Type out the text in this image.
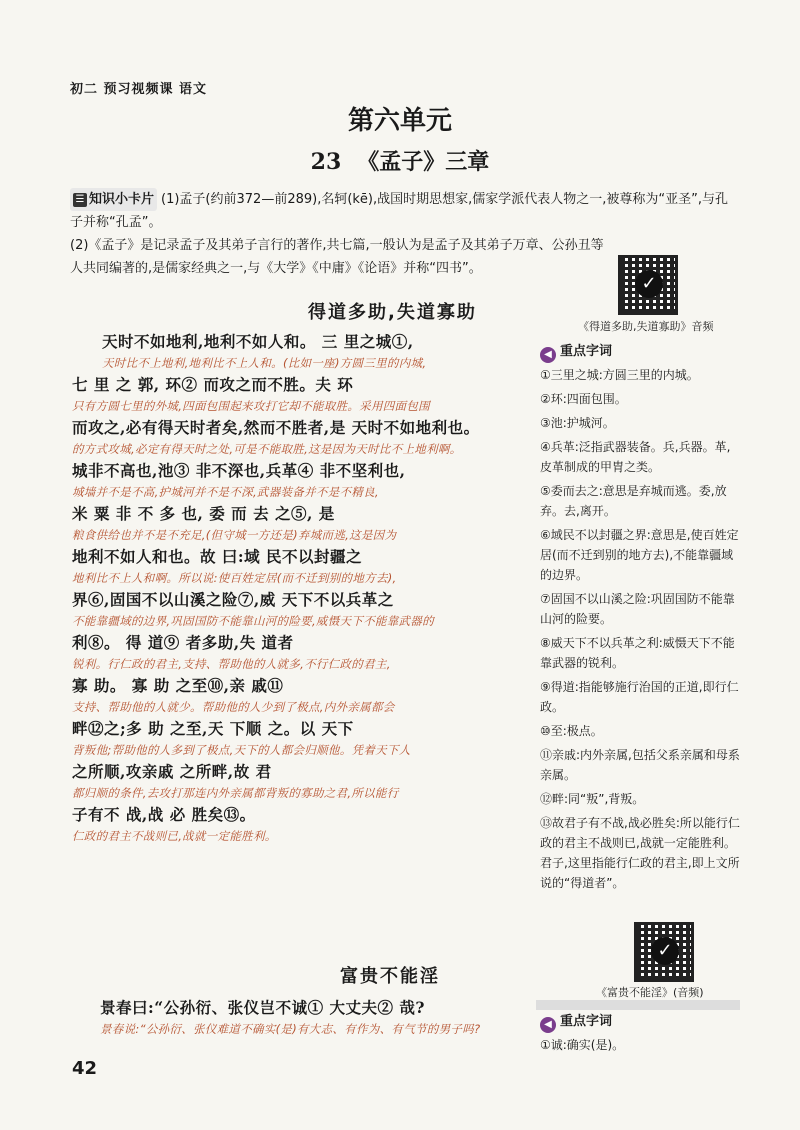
初二 预习视频课 语文
第六单元
23 《孟子》三章
☰ 知识小卡片 (1)孟子(约前372—前289),名轲(kē),战国时期思想家,儒家学派代表人物之一,被尊称为“亚圣”,与孔子并称“孔孟”。
(2)《孟子》是记录孟子及其弟子言行的著作,共七篇,一般认为是孟子及其弟子万章、公孙丑等人共同编著的,是儒家经典之一,与《大学》《中庸》《论语》并称“四书”。
✓
《得道多助,失道寡助》音频
得道多助,失道寡助
天时不如地利,地利不如人和。 三 里之城①,
天时比不上地利,地利比不上人和。(比如一座)方圆三里的内城,
七 里 之 郭, 环② 而攻之而不胜。夫 环
只有方圆七里的外城,四面包围起来攻打它却不能取胜。采用四面包围
而攻之,必有得天时者矣,然而不胜者,是 天时不如地利也。
的方式攻城,必定有得天时之处,可是不能取胜,这是因为天时比不上地利啊。
城非不高也,池③ 非不深也,兵革④ 非不坚利也,
城墙并不是不高,护城河并不是不深,武器装备并不是不精良,
米 粟 非 不 多 也, 委 而 去 之⑤, 是
粮食供给也并不是不充足,(但守城一方还是)弃城而逃,这是因为
地利不如人和也。故 曰:域 民不以封疆之
地利比不上人和啊。所以说:使百姓定居(而不迁到别的地方去),
界⑥,固国不以山溪之险⑦,威 天下不以兵革之
不能靠疆域的边界,巩固国防不能靠山河的险要,威慑天下不能靠武器的
利⑧。 得 道⑨ 者多助,失 道者
锐利。行仁政的君主,支持、帮助他的人就多,不行仁政的君主,
寡 助。 寡 助 之至⑩,亲 戚⑪
支持、帮助他的人就少。帮助他的人少到了极点,内外亲属都会
畔⑫之;多 助 之至,天 下顺 之。以 天下
背叛他;帮助他的人多到了极点,天下的人都会归顺他。凭着天下人
之所顺,攻亲戚 之所畔,故 君
都归顺的条件,去攻打那连内外亲属都背叛的寡助之君,所以能行
子有不 战,战 必 胜矣⑬。
仁政的君主不战则已,战就一定能胜利。
◀ 重点字词
①三里之城:方圆三里的内城。
②环:四面包围。
③池:护城河。
④兵革:泛指武器装备。兵,兵器。革,皮革制成的甲胄之类。
⑤委而去之:意思是弃城而逃。委,放弃。去,离开。
⑥域民不以封疆之界:意思是,使百姓定居(而不迁到别的地方去),不能靠疆域的边界。
⑦固国不以山溪之险:巩固国防不能靠山河的险要。
⑧威天下不以兵革之利:威慑天下不能靠武器的锐利。
⑨得道:指能够施行治国的正道,即行仁政。
⑩至:极点。
⑪亲戚:内外亲属,包括父系亲属和母系亲属。
⑫畔:同“叛”,背叛。
⑬故君子有不战,战必胜矣:所以能行仁政的君主不战则已,战就一定能胜利。君子,这里指能行仁政的君主,即上文所说的“得道者”。
✓
《富贵不能淫》(音频)
富贵不能淫
景春曰:“公孙衍、张仪岂不诚① 大丈夫② 哉?
景春说:“公孙衍、张仪难道不确实(是)有大志、有作为、有气节的男子吗?	◀ 重点字词
①诚:确实(是)。
42
